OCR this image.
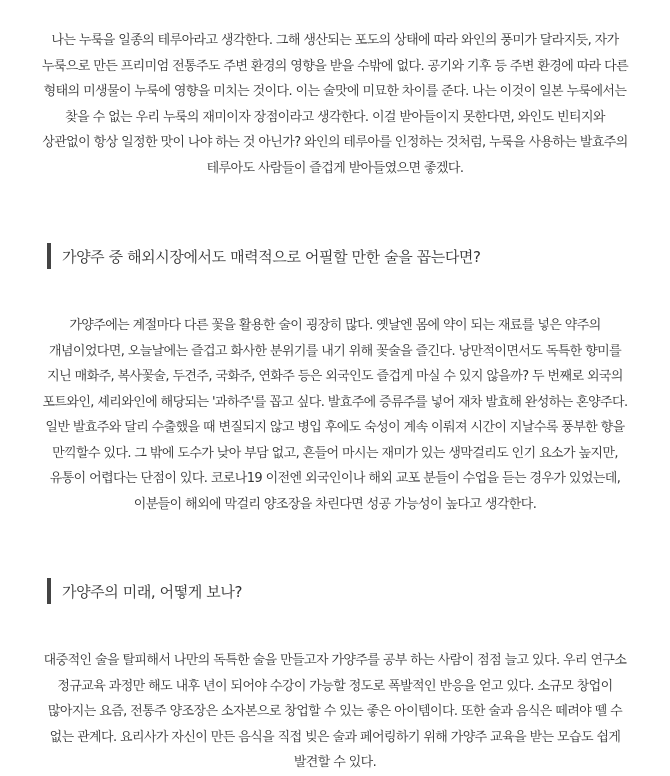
나는 누룩을 일종의 테루아라고 생각한다. 그해 생산되는 포도의 상태에 따라 와인의 풍미가 달라지듯, 자가 누룩으로 만든 프리미엄 전통주도 주변 환경의 영향을 받을 수밖에 없다. 공기와 기후 등 주변 환경에 따라 다른 형태의 미생물이 누룩에 영향을 미치는 것이다. 이는 술맛에 미묘한 차이를 준다. 나는 이것이 일본 누룩에서는 찾을 수 없는 우리 누룩의 재미이자 장점이라고 생각한다. 이걸 받아들이지 못한다면, 와인도 빈티지와 상관없이 항상 일정한 맛이 나야 하는 것 아닌가? 와인의 테루아를 인정하는 것처럼, 누룩을 사용하는 발효주의 테루아도 사람들이 즐겁게 받아들였으면 좋겠다.

가양주 중 해외시장에서도 매력적으로 어필할 만한 술을 꼽는다면?

가양주에는 계절마다 다른 꽃을 활용한 술이 굉장히 많다. 옛날엔 몸에 약이 되는 재료를 넣은 약주의 개념이었다면, 오늘날에는 즐겁고 화사한 분위기를 내기 위해 꽃술을 즐긴다. 낭만적이면서도 독특한 향미를 지닌 매화주, 복사꽃술, 두견주, 국화주, 연화주 등은 외국인도 즐겁게 마실 수 있지 않을까? 두 번째로 외국의 포트와인, 셰리와인에 해당되는 '과하주'를 꼽고 싶다. 발효주에 증류주를 넣어 재차 발효해 완성하는 혼양주다. 일반 발효주와 달리 수출했을 때 변질되지 않고 병입 후에도 숙성이 계속 이뤄져 시간이 지날수록 풍부한 향을 만끽할수 있다. 그 밖에 도수가 낮아 부담 없고, 흔들어 마시는 재미가 있는 생막걸리도 인기 요소가 높지만, 유통이 어렵다는 단점이 있다. 코로나19 이전엔 외국인이나 해외 교포 분들이 수업을 듣는 경우가 있었는데, 이분들이 해외에 막걸리 양조장을 차린다면 성공 가능성이 높다고 생각한다.

가양주의 미래, 어떻게 보나?

대중적인 술을 탈피해서 나만의 독특한 술을 만들고자 가양주를 공부 하는 사람이 점점 늘고 있다. 우리 연구소 정규교육 과정만 해도 내후 년이 되어야 수강이 가능할 정도로 폭발적인 반응을 얻고 있다. 소규모 창업이 많아지는 요즘, 전통주 양조장은 소자본으로 창업할 수 있는 좋은 아이템이다. 또한 술과 음식은 떼려야 뗄 수 없는 관계다. 요리사가 자신이 만든 음식을 직접 빚은 술과 페어링하기 위해 가양주 교육을 받는 모습도 쉽게 발견할 수 있다.
